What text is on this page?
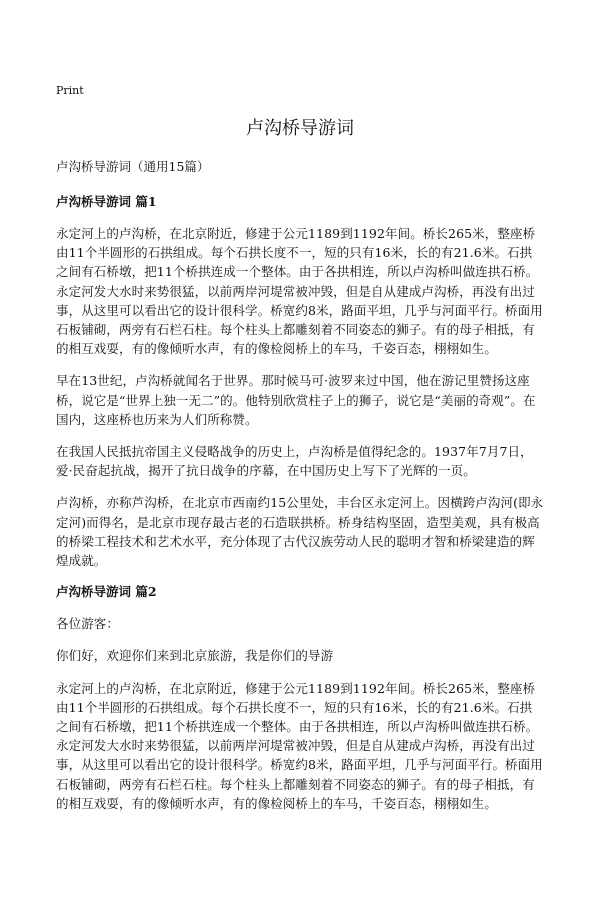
Print
卢沟桥导游词
卢沟桥导游词（通用15篇）
卢沟桥导游词 篇1

永定河上的卢沟桥，在北京附近，修建于公元1189到1192年间。桥长265米，整座桥由11个半圆形的石拱组成。每个石拱长度不一，短的只有16米，长的有21.6米。石拱之间有石桥墩，把11个桥拱连成一个整体。由于各拱相连，所以卢沟桥叫做连拱石桥。永定河发大水时来势很猛，以前两岸河堤常被冲毁，但是自从建成卢沟桥，再没有出过事，从这里可以看出它的设计很科学。桥宽约8米，路面平坦，几乎与河面平行。桥面用石板铺砌，两旁有石栏石柱。每个柱头上都雕刻着不同姿态的狮子。有的母子相抵，有的相互戏耍，有的像倾听水声，有的像检阅桥上的车马，千姿百态，栩栩如生。

早在13世纪，卢沟桥就闻名于世界。那时候马可·波罗来过中国，他在游记里赞扬这座桥，说它是“世界上独一无二”的。他特别欣赏柱子上的狮子，说它是“美丽的奇观”。在国内，这座桥也历来为人们所称赞。

在我国人民抵抗帝国主义侵略战争的历史上，卢沟桥是值得纪念的。1937年7月7日，爱·民奋起抗战，揭开了抗日战争的序幕，在中国历史上写下了光辉的一页。

卢沟桥，亦称芦沟桥，在北京市西南约15公里处，丰台区永定河上。因横跨卢沟河(即永定河)而得名，是北京市现存最古老的石造联拱桥。桥身结构坚固，造型美观，具有极高的桥梁工程技术和艺术水平，充分体现了古代汉族劳动人民的聪明才智和桥梁建造的辉煌成就。

卢沟桥导游词 篇2

各位游客：

你们好，欢迎你们来到北京旅游，我是你们的导游

永定河上的卢沟桥，在北京附近，修建于公元1189到1192年间。桥长265米，整座桥由11个半圆形的石拱组成。每个石拱长度不一，短的只有16米，长的有21.6米。石拱之间有石桥墩，把11个桥拱连成一个整体。由于各拱相连，所以卢沟桥叫做连拱石桥。永定河发大水时来势很猛，以前两岸河堤常被冲毁，但是自从建成卢沟桥，再没有出过事，从这里可以看出它的设计很科学。桥宽约8米，路面平坦，几乎与河面平行。桥面用石板铺砌，两旁有石栏石柱。每个柱头上都雕刻着不同姿态的狮子。有的母子相抵，有的相互戏耍，有的像倾听水声，有的像检阅桥上的车马，千姿百态，栩栩如生。
